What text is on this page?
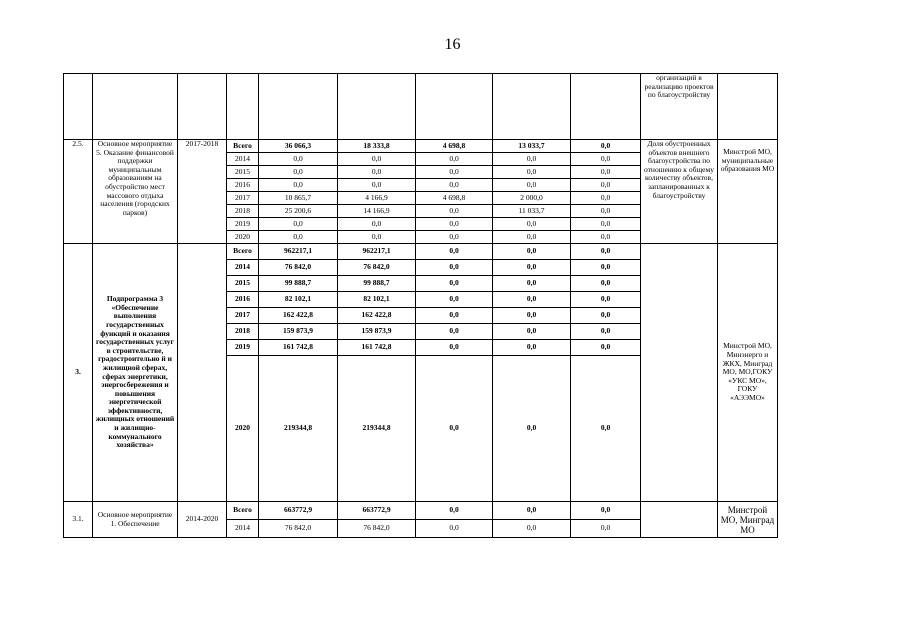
16
									организаций в реализацию проектов по благоустройству	
2.5.	Основное мероприятие 5. Оказание финансовой поддержки муниципальным образованиям на обустройство мест массового отдыха населения (городских парков)	2017-2018	Всего	36 066,3	18 333,8	4 698,8	13 033,7	0,0	Доля обустроенных объектов внешнего благоустройства по отношению к общему количеству объектов, запланированных к благоустройству	Минстрой МО, муниципальные образования МО
			2014	0,0	0,0	0,0	0,0	0,0		
			2015	0,0	0,0	0,0	0,0	0,0		
			2016	0,0	0,0	0,0	0,0	0,0		
			2017	10 865,7	4 166,9	4 698,8	2 000,0	0,0		
			2018	25 200,6	14 166,9	0,0	11 033,7	0,0		
			2019	0,0	0,0	0,0	0,0	0,0		
			2020	0,0	0,0	0,0	0,0	0,0		
3.	Подпрограмма 3 «Обеспечение выполнения государственных функций и оказания государственных услуг в строительстве, градостроительно й и жилищной сферах, сферах энергетики, энергосбережения и повышения энергетической эффективности, жилищных отношений и жилищно-коммунального хозяйства»		Всего	962217,1	962217,1	0,0	0,0	0,0		Минстрой МО, Минэнерго и ЖКХ, Минград МО, МО,ГОКУ «УКС МО», ГОКУ «АЭЭМО»
			2014	76 842,0	76 842,0	0,0	0,0	0,0		
			2015	99 888,7	99 888,7	0,0	0,0	0,0		
			2016	82 102,1	82 102,1	0,0	0,0	0,0		
			2017	162 422,8	162 422,8	0,0	0,0	0,0		
			2018	159 873,9	159 873,9	0,0	0,0	0,0		
			2019	161 742,8	161 742,8	0,0	0,0	0,0		
			2020	219344,8	219344,8	0,0	0,0	0,0		
3.1.	Основное мероприятие 1. Обеспечение	2014-2020	Всего	663772,9	663772,9	0,0	0,0	0,0		Минстрой МО, Минград МО
			2014	76 842,0	76 842,0	0,0	0,0	0,0		
